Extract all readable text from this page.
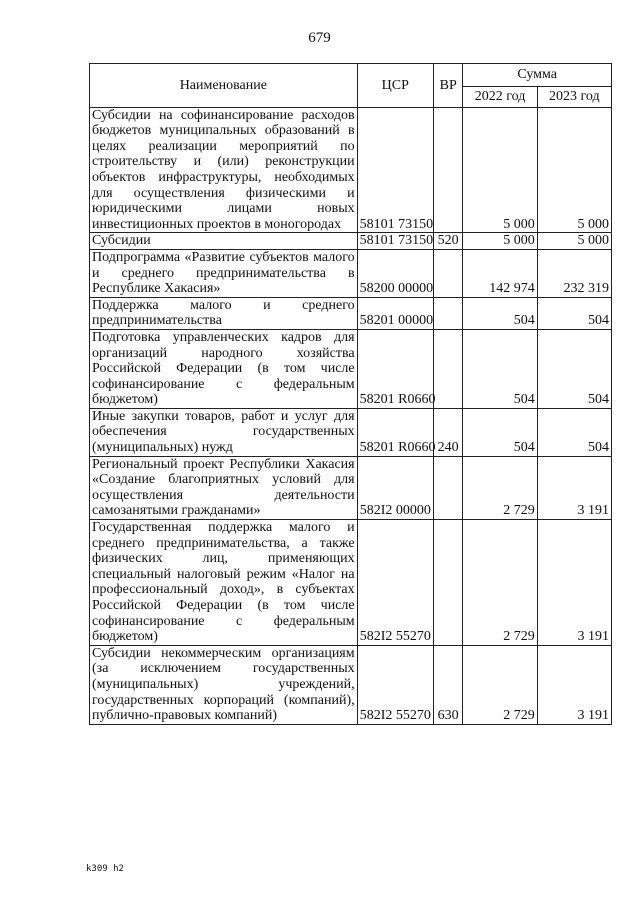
679
Наименование	ЦСР	ВР	Сумма	
			2022 год	2023 год
Субсидии на софинансирование расходов бюджетов муниципальных образований в целях реализации мероприятий по строительству и (или) реконструкции объектов инфраструктуры, необходимых для осуществления физическими и юридическими лицами новых инвестиционных проектов в моногородах	58101 73150		5 000	5 000
Субсидии	58101 73150	520	5 000	5 000
Подпрограмма «Развитие субъектов малого и среднего предпринимательства в Республике Хакасия»	58200 00000		142 974	232 319
Поддержка малого и среднего предпринимательства	58201 00000		504	504
Подготовка управленческих кадров для организаций народного хозяйства Российской Федерации (в том числе софинансирование с федеральным бюджетом)	58201 R0660		504	504
Иные закупки товаров, работ и услуг для обеспечения государственных (муниципальных) нужд	58201 R0660	240	504	504
Региональный проект Республики Хакасия «Создание благоприятных условий для осуществления деятельности самозанятыми гражданами»	582I2 00000		2 729	3 191
Государственная поддержка малого и среднего предпринимательства, а также физических лиц, применяющих специальный налоговый режим «Налог на профессиональный доход», в субъектах Российской Федерации (в том числе софинансирование с федеральным бюджетом)	582I2 55270		2 729	3 191
Субсидии некоммерческим организациям (за исключением государственных (муниципальных) учреждений, государственных корпораций (компаний), публично-правовых компаний)	582I2 55270	630	2 729	3 191
k309 h2
